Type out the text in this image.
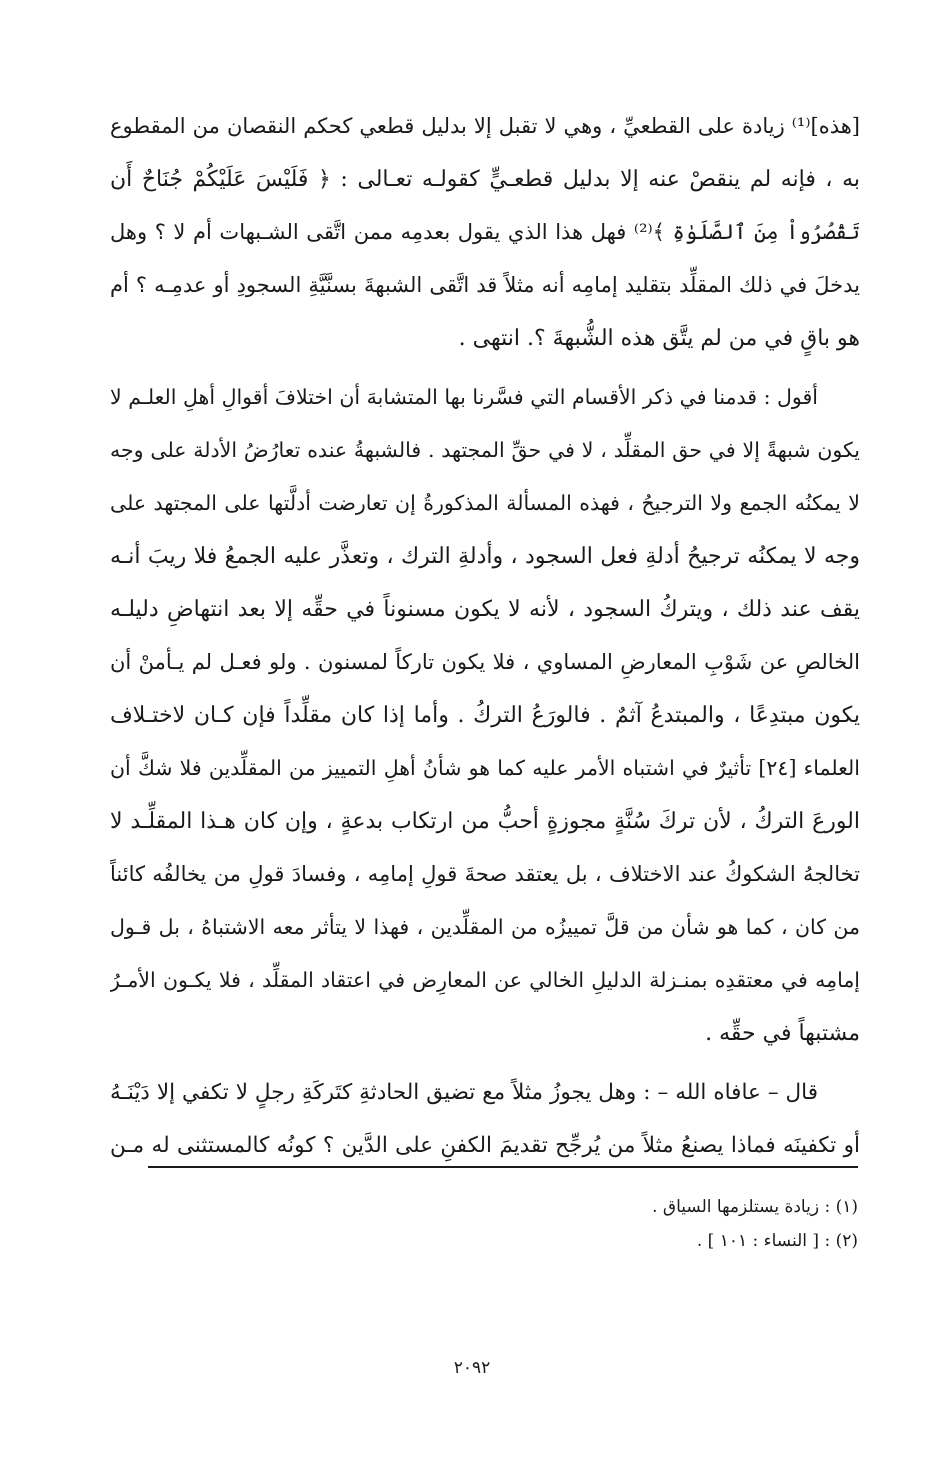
[هذه]⁽¹⁾ زيادة على القطعيِّ ، وهي لا تقبل إلا بدليل قطعي كحكم النقصان من المقطوع
به ، فإنه لم ينقصْ عنه إلا بدليل قطعـيٍّ كقولـه تعـالى : ﴿ فَلَيْسَ عَلَيْكُمْ جُنَاحٌ أَن
تَقْصُرُواْ مِنَ ٱلصَّلَوٰةِ ﴾⁽²⁾ فهل هذا الذي يقول بعدمِه ممن اتَّقى الشـبهات أم لا ؟ وهل
يدخلَ في ذلك المقلِّد بتقليد إمامِه أنه مثلاً قد اتَّقى الشبهةَ بسنَّيَّةِ السجودِ أو عدمِـه ؟ أم
هو باقٍ في من لم يتَّق هذه الشُّبهةَ ؟. انتهى .
أقول : قدمنا في ذكر الأقسام التي فسَّرنا بها المتشابهَ أن اختلافَ أقوالِ أهلِ العلـم لا
يكون شبهةً إلا في حق المقلِّد ، لا في حقِّ المجتهد . فالشبهةُ عنده تعارُضُ الأدلة على وجه
لا يمكنُه الجمع ولا الترجيحُ ، فهذه المسألة المذكورةُ إن تعارضت أدلَّتها على المجتهد على
وجه لا يمكنُه ترجيحُ أدلةِ فعل السجود ، وأدلةِ الترك ، وتعذَّر عليه الجمعُ فلا ريبَ أنـه
يقف عند ذلك ، ويتركُ السجود ، لأنه لا يكون مسنوناً في حقِّه إلا بعد انتهاضِ دليلـه
الخالصِ عن شَوْبِ المعارضِ المساوي ، فلا يكون تاركاً لمسنون . ولو فعـل لم يـأمنْ أن
يكون مبتدِعًا ، والمبتدعُ آثمٌ . فالورَعُ التركُ . وأما إذا كان مقلِّداً فإن كـان لاختـلاف
العلماء [٢٤] تأثيرٌ في اشتباه الأمر عليه كما هو شأنُ أهلِ التمييز من المقلِّدين فلا شكَّ أن
الورعَ التركُ ، لأن تركَ سُنَّةٍ مجوزةٍ أحبُّ من ارتكاب بدعةٍ ، وإن كان هـذا المقلِّـد لا
تخالجهُ الشكوكُ عند الاختلاف ، بل يعتقد صحةَ قولِ إمامِه ، وفسادَ قولِ من يخالفُه كائناً
من كان ، كما هو شأن من قلَّ تمييزُه من المقلِّدين ، فهذا لا يتأثر معه الاشتباهُ ، بل قـول
إمامِه في معتقدِه بمنـزلة الدليلِ الخالي عن المعارِض في اعتقاد المقلِّد ، فلا يكـون الأمـرُ
مشتبهاً في حقِّه .
قال – عافاه الله – : وهل يجوزُ مثلاً مع تضيق الحادثةِ كتَركَةِ رجلٍ لا تكفي إلا دَيْنَـهُ
أو تكفينَه فماذا يصنعُ مثلاً من يُرجِّح تقديمَ الكفنِ على الدَّين ؟ كونُه كالمستثنى له مـن
(١) : زيادة يستلزمها السياق .
(٢) : [ النساء : ١٠١ ] .
٢٠٩٢
